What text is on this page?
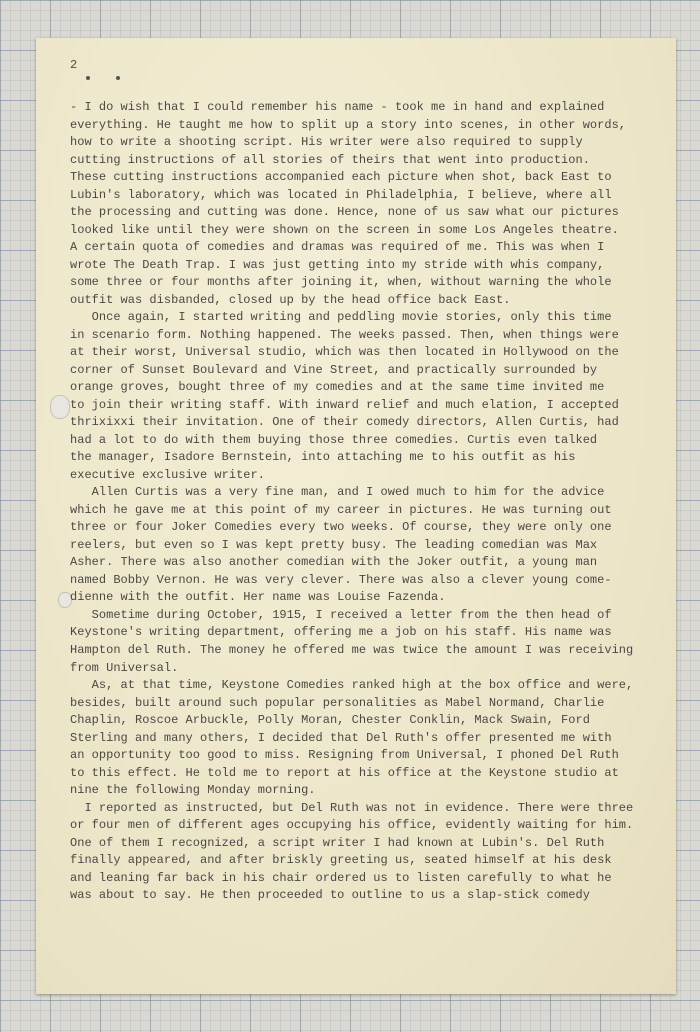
2
- I do wish that I could remember his name - took me in hand and explained
everything. He taught me how to split up a story into scenes, in other words,
how to write a shooting script. His writer were also required to supply
cutting instructions of all stories of theirs that went into production.
These cutting instructions accompanied each picture when shot, back East to
Lubin's laboratory, which was located in Philadelphia, I believe, where all
the processing and cutting was done. Hence, none of us saw what our pictures
looked like until they were shown on the screen in some Los Angeles theatre.
A certain quota of comedies and dramas was required of me. This was when I
wrote The Death Trap. I was just getting into my stride with whis company,
some three or four months after joining it, when, without warning the whole
outfit was disbanded, closed up by the head office back East.
Once again, I started writing and peddling movie stories, only this time
in scenario form. Nothing happened. The weeks passed. Then, when things were
at their worst, Universal studio, which was then located in Hollywood on the
corner of Sunset Boulevard and Vine Street, and practically surrounded by
orange groves, bought three of my comedies and at the same time invited me
to join their writing staff. With inward relief and much elation, I accepted
thrixixxi their invitation. One of their comedy directors, Allen Curtis, had
had a lot to do with them buying those three comedies. Curtis even talked
the manager, Isadore Bernstein, into attaching me to his outfit as his
executive exclusive writer.
Allen Curtis was a very fine man, and I owed much to him for the advice
which he gave me at this point of my career in pictures. He was turning out
three or four Joker Comedies every two weeks. Of course, they were only one
reelers, but even so I was kept pretty busy. The leading comedian was Max
Asher. There was also another comedian with the Joker outfit, a young man
named Bobby Vernon. He was very clever. There was also a clever young come-
dienne with the outfit. Her name was Louise Fazenda.
Sometime during October, 1915, I received a letter from the then head of
Keystone's writing department, offering me a job on his staff. His name was
Hampton del Ruth. The money he offered me was twice the amount I was receiving
from Universal.
As, at that time, Keystone Comedies ranked high at the box office and were,
besides, built around such popular personalities as Mabel Normand, Charlie
Chaplin, Roscoe Arbuckle, Polly Moran, Chester Conklin, Mack Swain, Ford
Sterling and many others, I decided that Del Ruth's offer presented me with
an opportunity too good to miss. Resigning from Universal, I phoned Del Ruth
to this effect. He told me to report at his office at the Keystone studio at
nine the following Monday morning.
I reported as instructed, but Del Ruth was not in evidence. There were three
or four men of different ages occupying his office, evidently waiting for him.
One of them I recognized, a script writer I had known at Lubin's. Del Ruth
finally appeared, and after briskly greeting us, seated himself at his desk
and leaning far back in his chair ordered us to listen carefully to what he
was about to say. He then proceeded to outline to us a slap-stick comedy
